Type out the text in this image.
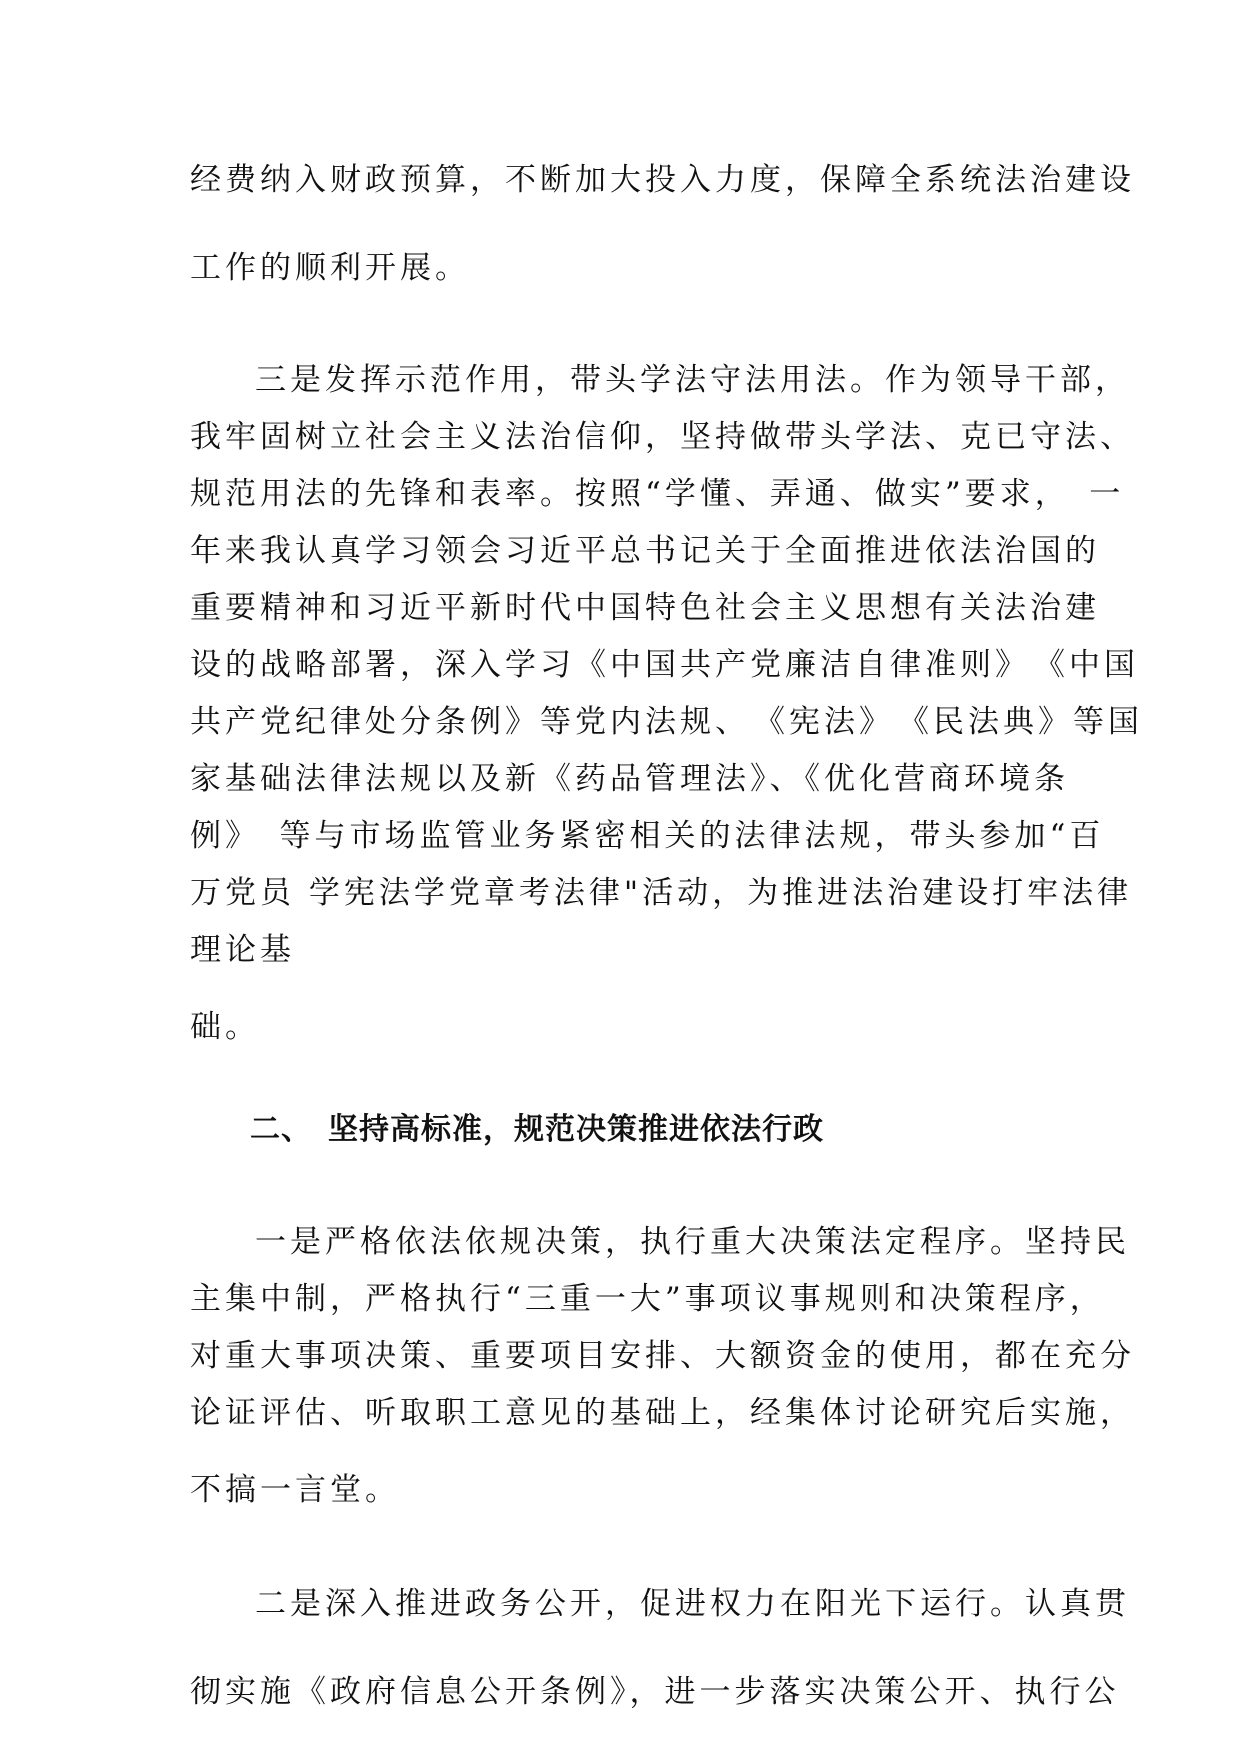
经费纳入财政预算，不断加大投入力度，保障全系统法治建设
工作的顺利开展。
三是发挥示范作用，带头学法守法用法。作为领导干部，
我牢固树立社会主义法治信仰，坚持做带头学法、克已守法、
规范用法的先锋和表率。按照“学懂、弄通、做实”要求，　一
年来我认真学习领会习近平总书记关于全面推进依法治国的
重要精神和习近平新时代中国特色社会主义思想有关法治建
设的战略部署，深入学习《中国共产党廉洁自律准则》　《中国
共产党纪律处分条例》等党内法规、　《宪法》　《民法典》等国
家基础法律法规以及新《药品管理法》、《优化营商环境条
例》　等与市场监管业务紧密相关的法律法规，带头参加“百
万党员 学宪法学党章考法律"活动，为推进法治建设打牢法律
理论基
础。
二、　坚持高标准，规范决策推进依法行政
一是严格依法依规决策，执行重大决策法定程序。坚持民
主集中制，严格执行“三重一大”事项议事规则和决策程序，
对重大事项决策、重要项目安排、大额资金的使用，都在充分
论证评估、听取职工意见的基础上，经集体讨论研究后实施，
不搞一言堂。
二是深入推进政务公开，促进权力在阳光下运行。认真贯
彻实施《政府信息公开条例》，进一步落实决策公开、执行公
